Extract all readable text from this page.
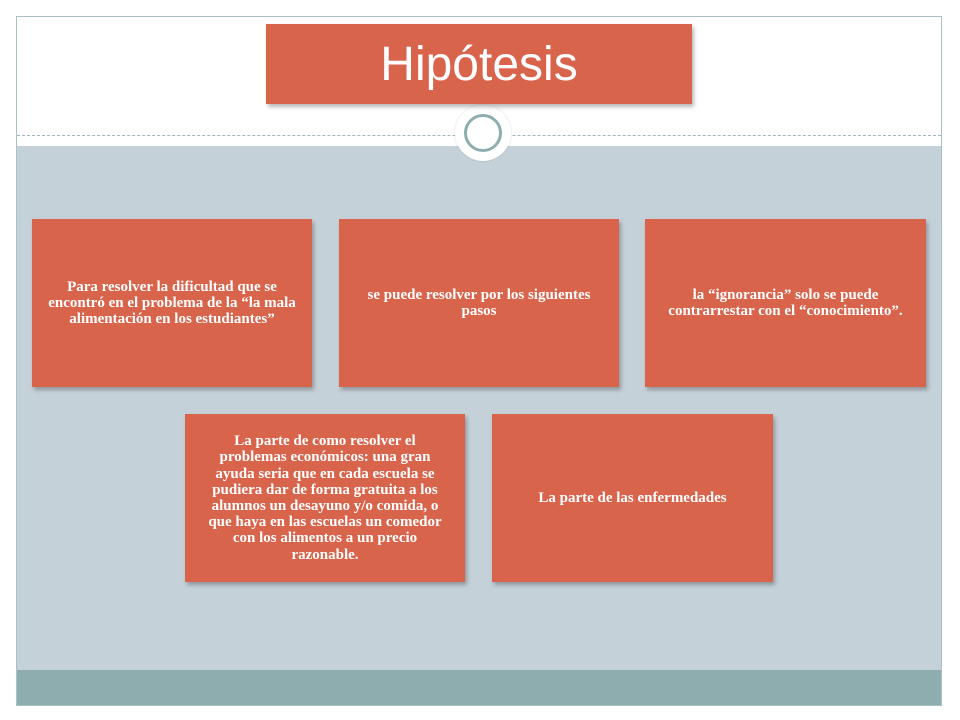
Hipótesis
Para resolver la dificultad que se encontró en el problema de la “la mala alimentación en los estudiantes”
se puede resolver por los siguientes pasos
la “ignorancia” solo se puede contrarrestar con el “conocimiento”.
La parte de como resolver el problemas económicos: una gran ayuda seria que en cada escuela se pudiera dar de forma gratuita a los alumnos un desayuno y/o comida, o que haya en las escuelas un comedor con los alimentos a un precio razonable.
La parte de las enfermedades
